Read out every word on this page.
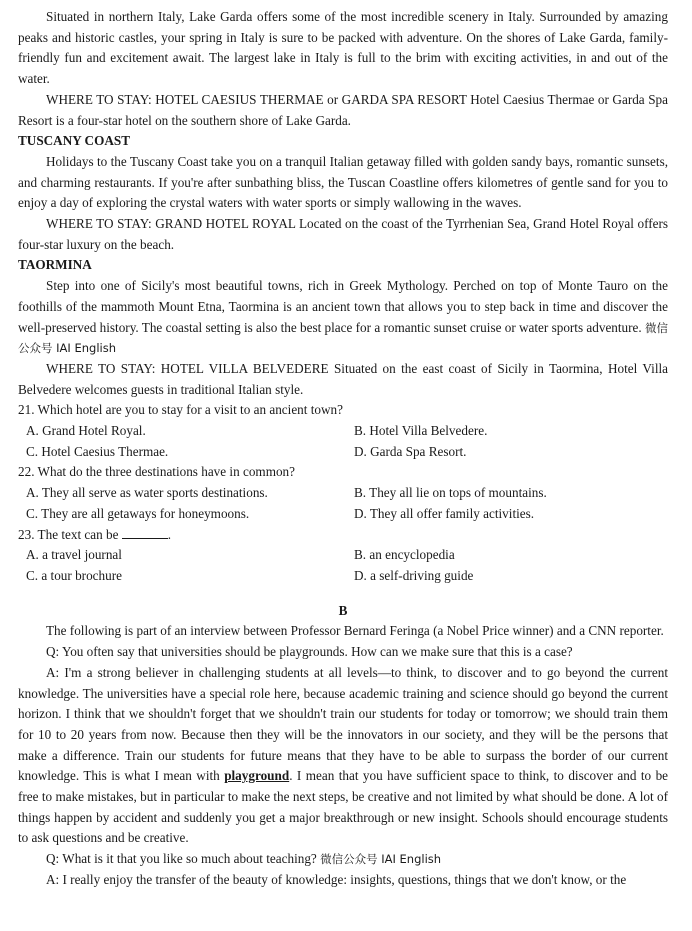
Situated in northern Italy, Lake Garda offers some of the most incredible scenery in Italy. Surrounded by amazing peaks and historic castles, your spring in Italy is sure to be packed with adventure. On the shores of Lake Garda, family-friendly fun and excitement await. The largest lake in Italy is full to the brim with exciting activities, in and out of the water.

WHERE TO STAY: HOTEL CAESIUS THERMAE or GARDA SPA RESORT Hotel Caesius Thermae or Garda Spa Resort is a four-star hotel on the southern shore of Lake Garda.

TUSCANY COAST

Holidays to the Tuscany Coast take you on a tranquil Italian getaway filled with golden sandy bays, romantic sunsets, and charming restaurants. If you're after sunbathing bliss, the Tuscan Coastline offers kilometres of gentle sand for you to enjoy a day of exploring the crystal waters with water sports or simply wallowing in the waves.

WHERE TO STAY: GRAND HOTEL ROYAL Located on the coast of the Tyrrhenian Sea, Grand Hotel Royal offers four-star luxury on the beach.

TAORMINA

Step into one of Sicily's most beautiful towns, rich in Greek Mythology. Perched on top of Monte Tauro on the foothills of the mammoth Mount Etna, Taormina is an ancient town that allows you to step back in time and discover the well-preserved history. The coastal setting is also the best place for a romantic sunset cruise or water sports adventure. 微信公众号 IAI English

WHERE TO STAY: HOTEL VILLA BELVEDERE Situated on the east coast of Sicily in Taormina, Hotel Villa Belvedere welcomes guests in traditional Italian style.

21. Which hotel are you to stay for a visit to an ancient town?

A. Grand Hotel Royal.	B. Hotel Villa Belvedere.
C. Hotel Caesius Thermae.	D. Garda Spa Resort.

22. What do the three destinations have in common?

A. They all serve as water sports destinations.	B. They all lie on tops of mountains.
C. They are all getaways for honeymoons.	D. They all offer family activities.

23. The text can be	.

A. a travel journal	B. an encyclopedia
C. a tour brochure	D. a self-driving guide

B

The following is part of an interview between Professor Bernard Feringa (a Nobel Price winner) and a CNN reporter.

Q: You often say that universities should be playgrounds. How can we make sure that this is a case?

A: I'm a strong believer in challenging students at all levels—to think, to discover and to go beyond the current knowledge. The universities have a special role here, because academic training and science should go beyond the current horizon. I think that we shouldn't forget that we shouldn't train our students for today or tomorrow; we should train them for 10 to 20 years from now. Because then they will be the innovators in our society, and they will be the persons that make a difference. Train our students for future means that they have to be able to surpass the border of our current knowledge. This is what I mean with playground. I mean that you have sufficient space to think, to discover and to be free to make mistakes, but in particular to make the next steps, be creative and not limited by what should be done. A lot of things happen by accident and suddenly you get a major breakthrough or new insight. Schools should encourage students to ask questions and be creative.

Q: What is it that you like so much about teaching? 微信公众号 IAI English

A: I really enjoy the transfer of the beauty of knowledge: insights, questions, things that we don't know, or the
